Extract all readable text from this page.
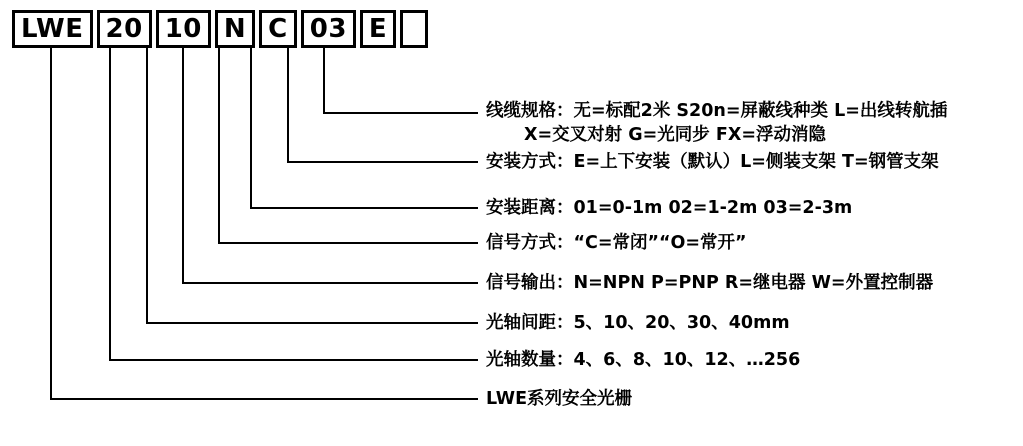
LWE 20 10 N C 03 E
线缆规格：无=标配2米 S20n=屏蔽线种类 L=出线转航插
X=交叉对射 G=光同步 FX=浮动消隐
安装方式：E=上下安装（默认）L=侧装支架 T=钢管支架
安装距离：01=0-1m 02=1-2m 03=2-3m
信号方式：“C=常闭”“O=常开”
信号输出：N=NPN P=PNP R=继电器 W=外置控制器
光轴间距：5、10、20、30、40mm
光轴数量：4、6、8、10、12、…256
LWE系列安全光栅
